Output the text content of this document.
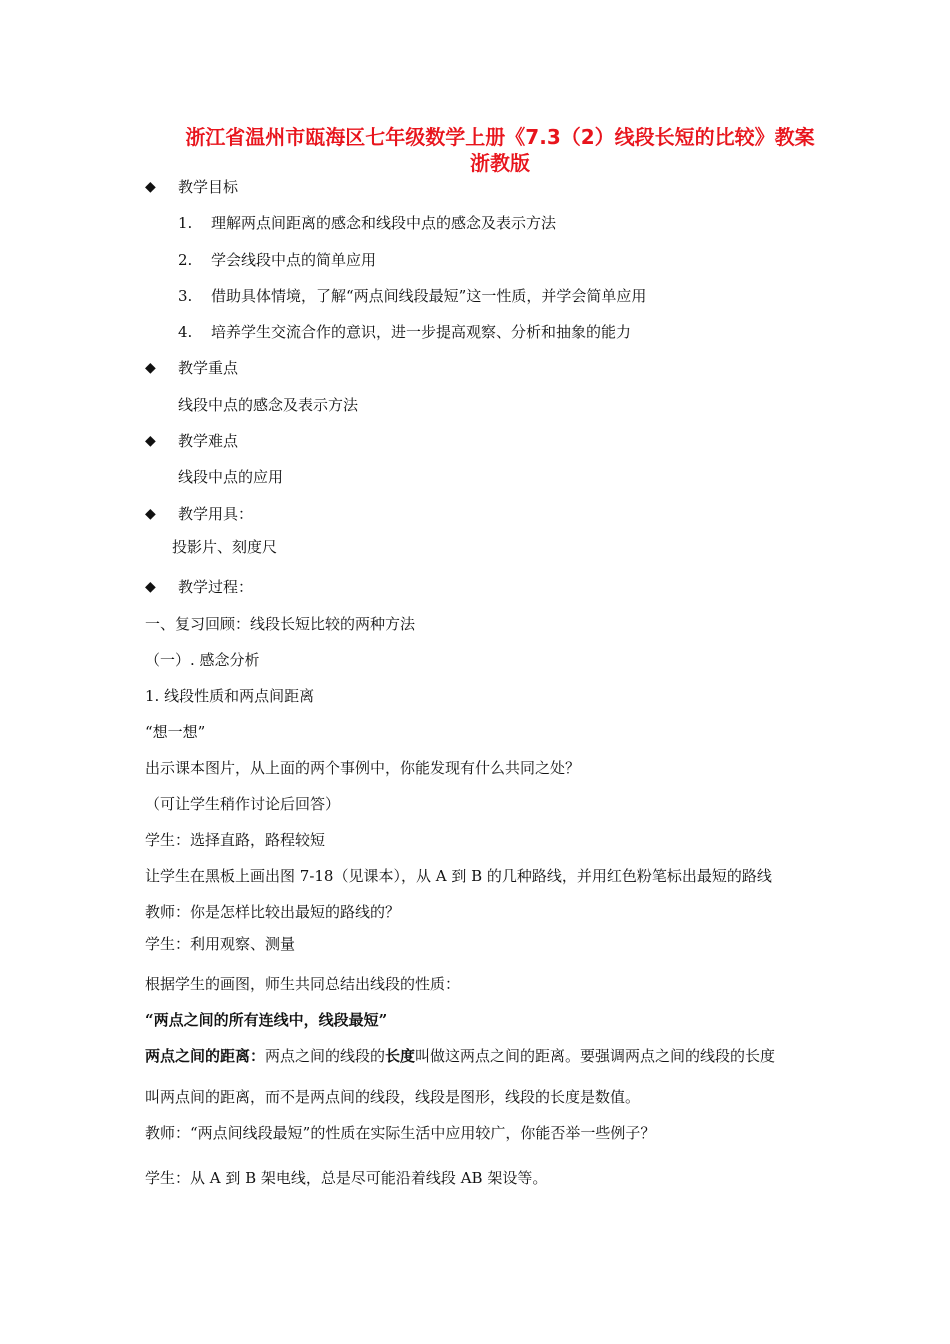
浙江省温州市瓯海区七年级数学上册《7.3（2）线段长短的比较》教案
浙教版
◆ 教学目标
1. 理解两点间距离的感念和线段中点的感念及表示方法
2. 学会线段中点的简单应用
3. 借助具体情境，了解“两点间线段最短”这一性质，并学会简单应用
4. 培养学生交流合作的意识，进一步提高观察、分析和抽象的能力
◆ 教学重点
线段中点的感念及表示方法
◆ 教学难点
线段中点的应用
◆ 教学用具：
投影片、刻度尺
◆ 教学过程：
一、复习回顾：线段长短比较的两种方法
（一）. 感念分析
1. 线段性质和两点间距离
“想一想”
出示课本图片，从上面的两个事例中，你能发现有什么共同之处？
（可让学生稍作讨论后回答）
学生：选择直路，路程较短
让学生在黑板上画出图 7-18（见课本），从 A 到 B 的几种路线，并用红色粉笔标出最短的路线
教师：你是怎样比较出最短的路线的？
学生：利用观察、测量
根据学生的画图，师生共同总结出线段的性质：
“两点之间的所有连线中，线段最短”
两点之间的距离：两点之间的线段的长度叫做这两点之间的距离。要强调两点之间的线段的长度
叫两点间的距离，而不是两点间的线段，线段是图形，线段的长度是数值。
教师：“两点间线段最短”的性质在实际生活中应用较广，你能否举一些例子？
学生：从 A 到 B 架电线，总是尽可能沿着线段 AB 架设等。
